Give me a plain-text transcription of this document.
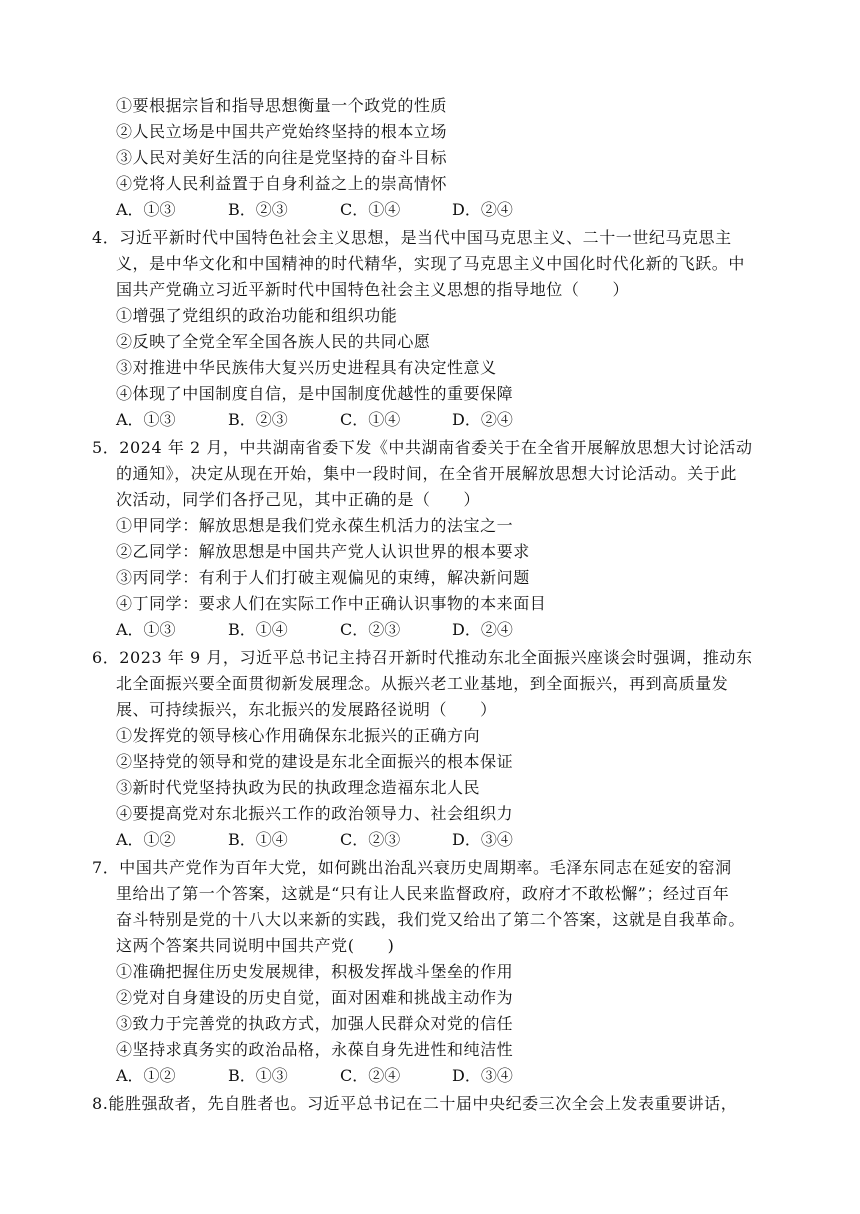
①要根据宗旨和指导思想衡量一个政党的性质
②人民立场是中国共产党始终坚持的根本立场
③人民对美好生活的向往是党坚持的奋斗目标
④党将人民利益置于自身利益之上的崇高情怀
A．①③	B．②③	C．①④	D．②④
4．习近平新时代中国特色社会主义思想，是当代中国马克思主义、二十一世纪马克思主
义，是中华文化和中国精神的时代精华，实现了马克思主义中国化时代化新的飞跃。中
国共产党确立习近平新时代中国特色社会主义思想的指导地位（　　）
①增强了党组织的政治功能和组织功能
②反映了全党全军全国各族人民的共同心愿
③对推进中华民族伟大复兴历史进程具有决定性意义
④体现了中国制度自信，是中国制度优越性的重要保障
A．①③	B．②③	C．①④	D．②④
5．2024 年 2 月，中共湖南省委下发《中共湖南省委关于在全省开展解放思想大讨论活动
的通知》，决定从现在开始，集中一段时间，在全省开展解放思想大讨论活动。关于此
次活动，同学们各抒己见，其中正确的是（　　）
①甲同学：解放思想是我们党永葆生机活力的法宝之一
②乙同学：解放思想是中国共产党人认识世界的根本要求
③丙同学：有利于人们打破主观偏见的束缚，解决新问题
④丁同学：要求人们在实际工作中正确认识事物的本来面目
A．①③	B．①④	C．②③	D．②④
6．2023 年 9 月，习近平总书记主持召开新时代推动东北全面振兴座谈会时强调，推动东
北全面振兴要全面贯彻新发展理念。从振兴老工业基地，到全面振兴，再到高质量发
展、可持续振兴，东北振兴的发展路径说明（　　）
①发挥党的领导核心作用确保东北振兴的正确方向
②坚持党的领导和党的建设是东北全面振兴的根本保证
③新时代党坚持执政为民的执政理念造福东北人民
④要提高党对东北振兴工作的政治领导力、社会组织力
A．①②	B．①④	C．②③	D．③④
7．中国共产党作为百年大党，如何跳出治乱兴衰历史周期率。毛泽东同志在延安的窑洞
里给出了第一个答案，这就是“只有让人民来监督政府，政府才不敢松懈”；经过百年
奋斗特别是党的十八大以来新的实践，我们党又给出了第二个答案，这就是自我革命。
这两个答案共同说明中国共产党(　　)
①准确把握住历史发展规律，积极发挥战斗堡垒的作用
②党对自身建设的历史自觉，面对困难和挑战主动作为
③致力于完善党的执政方式，加强人民群众对党的信任
④坚持求真务实的政治品格，永葆自身先进性和纯洁性
A．①②	B．①③	C．②④	D．③④
8.能胜强敌者，先自胜者也。习近平总书记在二十届中央纪委三次全会上发表重要讲话，
